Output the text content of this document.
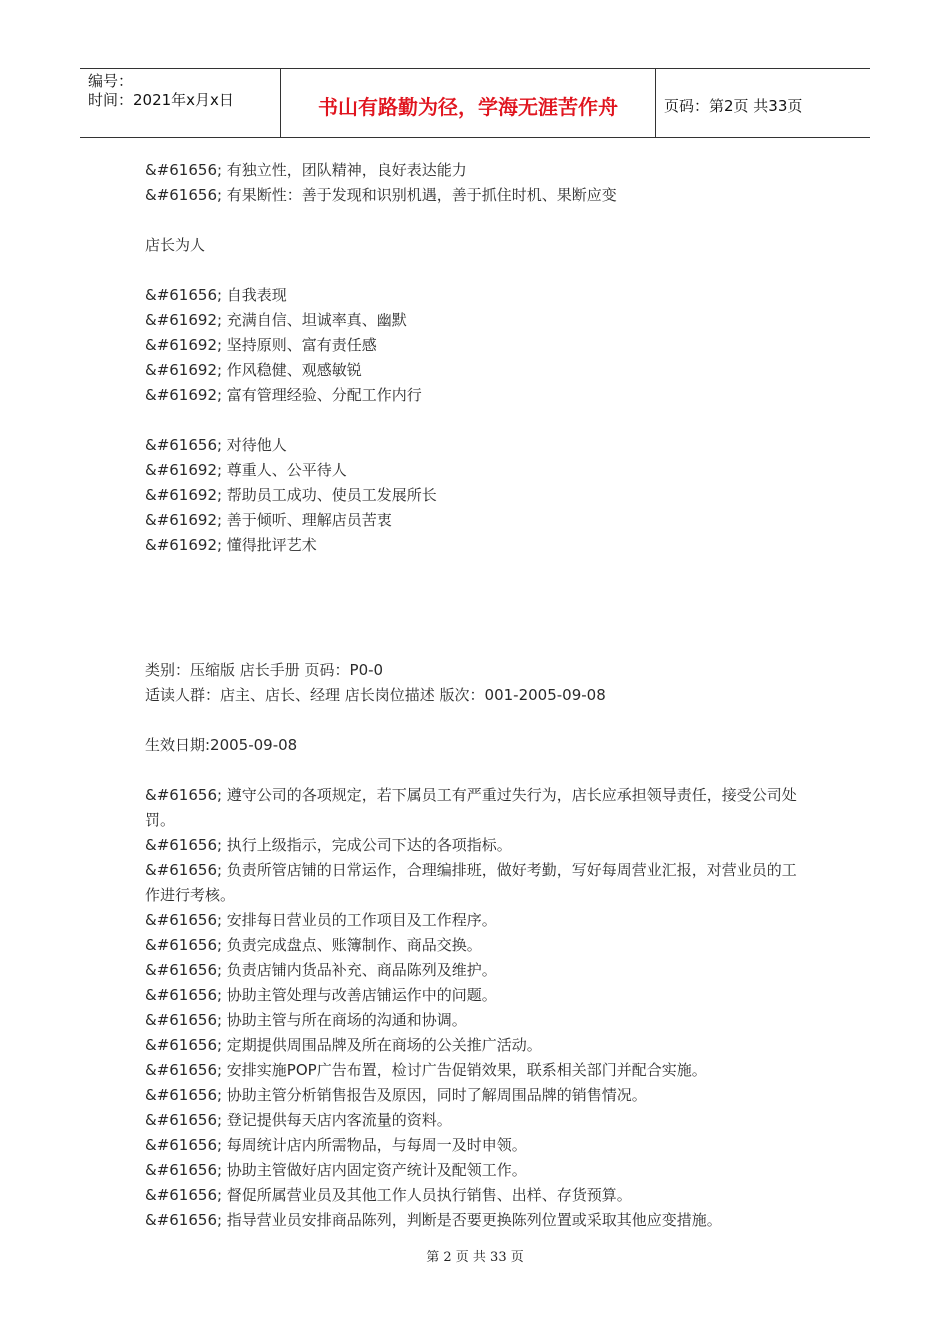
编号：
时间：2021年x月x日	书山有路勤为径，学海无涯苦作舟	页码：第2页 共33页

&#61656; 有独立性，团队精神，良好表达能力

&#61656; 有果断性：善于发现和识别机遇，善于抓住时机、果断应变

店长为人

&#61656; 自我表现

&#61692; 充满自信、坦诚率真、幽默

&#61692; 坚持原则、富有责任感

&#61692; 作风稳健、观感敏锐

&#61692; 富有管理经验、分配工作内行

&#61656; 对待他人

&#61692; 尊重人、公平待人

&#61692; 帮助员工成功、使员工发展所长

&#61692; 善于倾听、理解店员苦衷

&#61692; 懂得批评艺术

类别：压缩版 店长手册 页码：P0-0

适读人群：店主、店长、经理 店长岗位描述 版次：001-2005-09-08

生效日期:2005-09-08

&#61656; 遵守公司的各项规定，若下属员工有严重过失行为，店长应承担领导责任，接受公司处罚。

&#61656; 执行上级指示，完成公司下达的各项指标。

&#61656; 负责所管店铺的日常运作，合理编排班，做好考勤，写好每周营业汇报，对营业员的工作进行考核。

&#61656; 安排每日营业员的工作项目及工作程序。

&#61656; 负责完成盘点、账簿制作、商品交换。

&#61656; 负责店铺内货品补充、商品陈列及维护。

&#61656; 协助主管处理与改善店铺运作中的问题。

&#61656; 协助主管与所在商场的沟通和协调。

&#61656; 定期提供周围品牌及所在商场的公关推广活动。

&#61656; 安排实施POP广告布置，检讨广告促销效果，联系相关部门并配合实施。

&#61656; 协助主管分析销售报告及原因，同时了解周围品牌的销售情况。

&#61656; 登记提供每天店内客流量的资料。

&#61656; 每周统计店内所需物品，与每周一及时申领。

&#61656; 协助主管做好店内固定资产统计及配领工作。

&#61656; 督促所属营业员及其他工作人员执行销售、出样、存货预算。

&#61656; 指导营业员安排商品陈列，判断是否要更换陈列位置或采取其他应变措施。

第 2 页 共 33 页
